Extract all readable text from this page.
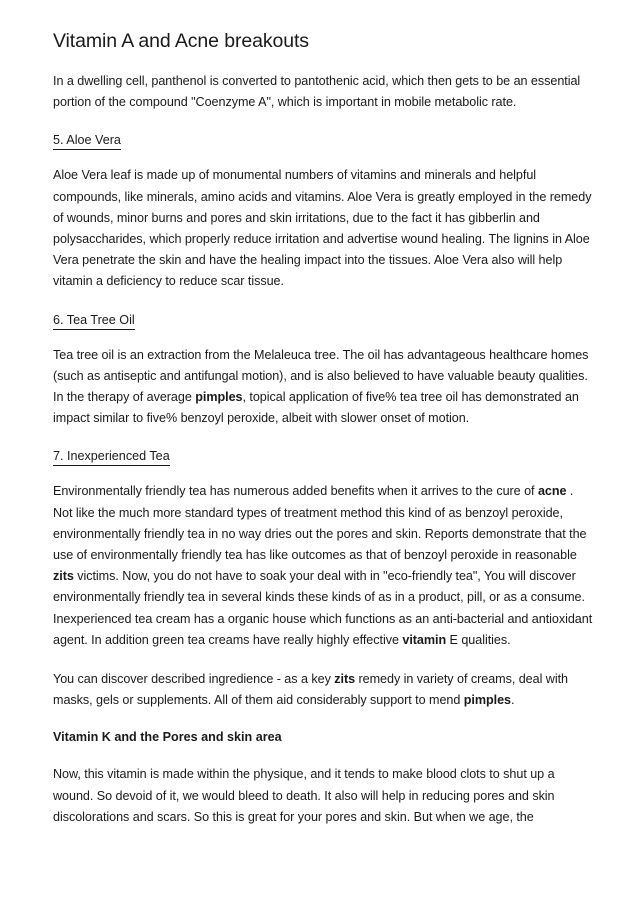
Vitamin A and Acne breakouts

In a dwelling cell, panthenol is converted to pantothenic acid, which then gets to be an essential portion of the compound "Coenzyme A", which is important in mobile metabolic rate.

5. Aloe Vera

Aloe Vera leaf is made up of monumental numbers of vitamins and minerals and helpful compounds, like minerals, amino acids and vitamins. Aloe Vera is greatly employed in the remedy of wounds, minor burns and pores and skin irritations, due to the fact it has gibberlin and polysaccharides, which properly reduce irritation and advertise wound healing. The lignins in Aloe Vera penetrate the skin and have the healing impact into the tissues. Aloe Vera also will help vitamin a deficiency to reduce scar tissue.

6. Tea Tree Oil

Tea tree oil is an extraction from the Melaleuca tree. The oil has advantageous healthcare homes (such as antiseptic and antifungal motion), and is also believed to have valuable beauty qualities. In the therapy of average pimples, topical application of five% tea tree oil has demonstrated an impact similar to five% benzoyl peroxide, albeit with slower onset of motion.

7. Inexperienced Tea

Environmentally friendly tea has numerous added benefits when it arrives to the cure of acne . Not like the much more standard types of treatment method this kind of as benzoyl peroxide, environmentally friendly tea in no way dries out the pores and skin. Reports demonstrate that the use of environmentally friendly tea has like outcomes as that of benzoyl peroxide in reasonable zits victims. Now, you do not have to soak your deal with in "eco-friendly tea", You will discover environmentally friendly tea in several kinds these kinds of as in a product, pill, or as a consume. Inexperienced tea cream has a organic house which functions as an anti-bacterial and antioxidant agent. In addition green tea creams have really highly effective vitamin E qualities.

You can discover described ingredience - as a key zits remedy in variety of creams, deal with masks, gels or supplements. All of them aid considerably support to mend pimples.

Vitamin K and the Pores and skin area

Now, this vitamin is made within the physique, and it tends to make blood clots to shut up a wound. So devoid of it, we would bleed to death. It also will help in reducing pores and skin discolorations and scars. So this is great for your pores and skin. But when we age, the
